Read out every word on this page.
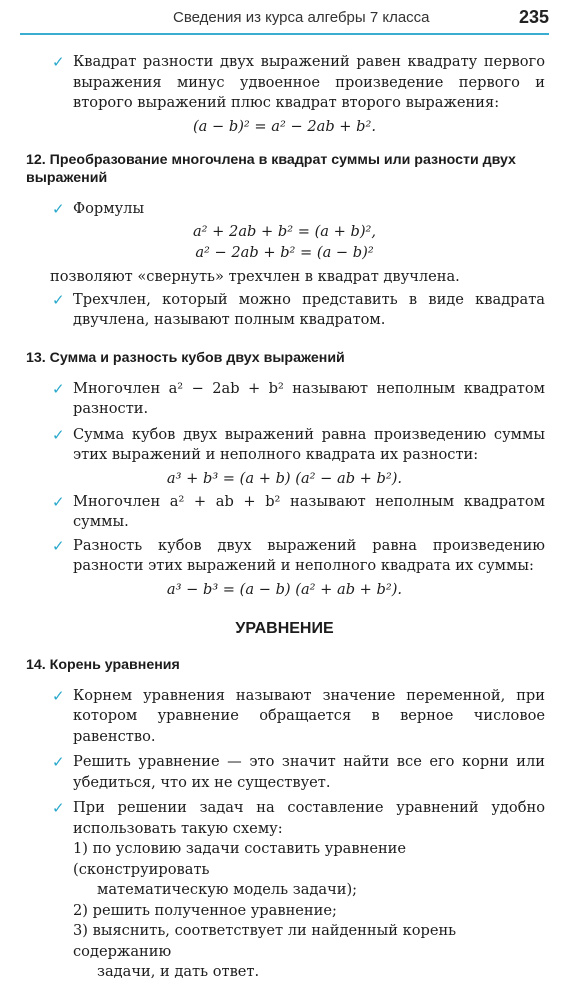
Сведения из курса алгебры 7 класса	235
✓ Квадрат разности двух выражений равен квадрату первого выражения минус удвоенное произведение первого и второго выражений плюс квадрат второго выражения:
(a − b)² = a² − 2ab + b².
12. Преобразование многочлена в квадрат суммы или разности двух выражений
✓ Формулы
a² + 2ab + b² = (a + b)²,
a² − 2ab + b² = (a − b)²
позволяют «свернуть» трехчлен в квадрат двучлена.
✓ Трехчлен, который можно представить в виде квадрата двучлена, называют полным квадратом.
13. Сумма и разность кубов двух выражений
✓ Многочлен a² − 2ab + b² называют неполным квадратом разности.
✓ Сумма кубов двух выражений равна произведению суммы этих выражений и неполного квадрата их разности:
a³ + b³ = (a + b) (a² − ab + b²).
✓ Многочлен a² + ab + b² называют неполным квадратом суммы.
✓ Разность кубов двух выражений равна произведению разности этих выражений и неполного квадрата их суммы:
a³ − b³ = (a − b) (a² + ab + b²).
УРАВНЕНИЕ
14. Корень уравнения
✓ Корнем уравнения называют значение переменной, при котором уравнение обращается в верное числовое равенство.
✓ Решить уравнение — это значит найти все его корни или убедиться, что их не существует.
✓ При решении задач на составление уравнений удобно использовать такую схему:
1) по условию задачи составить уравнение (сконструировать
математическую модель задачи);
2) решить полученное уравнение;
3) выяснить, соответствует ли найденный корень содержанию
задачи, и дать ответ.
